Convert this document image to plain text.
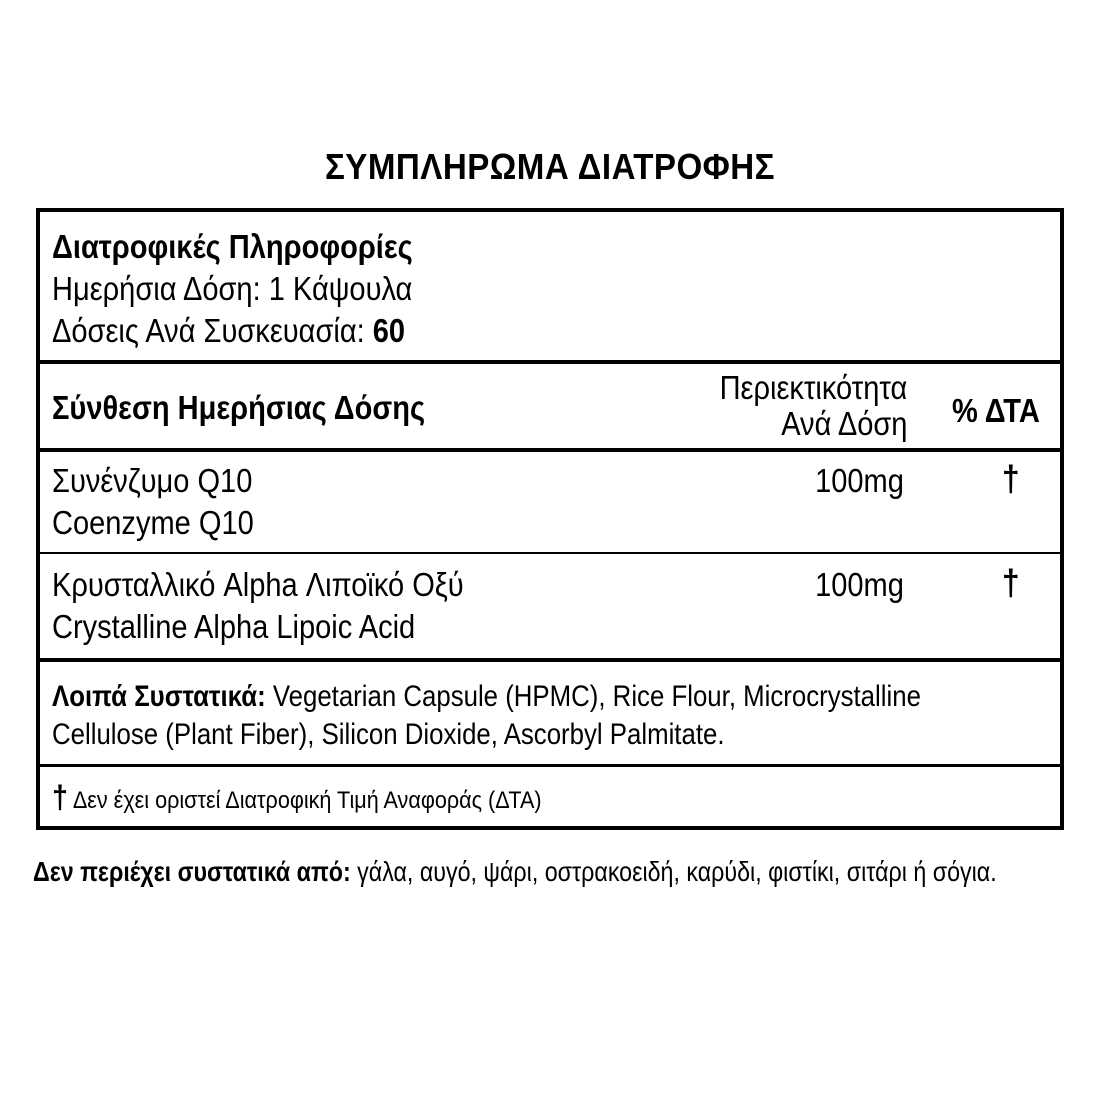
ΣΥΜΠΛΗΡΩΜΑ ΔΙΑΤΡΟΦΗΣ
Διατροφικές Πληροφορίες
Ημερήσια Δόση: 1 Κάψουλα
Δόσεις Ανά Συσκευασία: 60
Σύνθεση Ημερήσιας Δόσης
Περιεκτικότητα
Ανά Δόση % ΔΤΑ
Συνένζυμο Q10
Coenzyme Q10
100mg	†
Κρυσταλλικό Alpha Λιποϊκό Οξύ
Crystalline Alpha Lipoic Acid
100mg	†
Λοιπά Συστατικά: Vegetarian Capsule (HPMC), Rice Flour, Microcrystalline
Cellulose (Plant Fiber), Silicon Dioxide, Ascorbyl Palmitate.
† Δεν έχει οριστεί Διατροφική Τιμή Αναφοράς (ΔΤΑ)
Δεν περιέχει συστατικά από: γάλα, αυγό, ψάρι, οστρακοειδή, καρύδι, φιστίκι, σιτάρι ή σόγια.
